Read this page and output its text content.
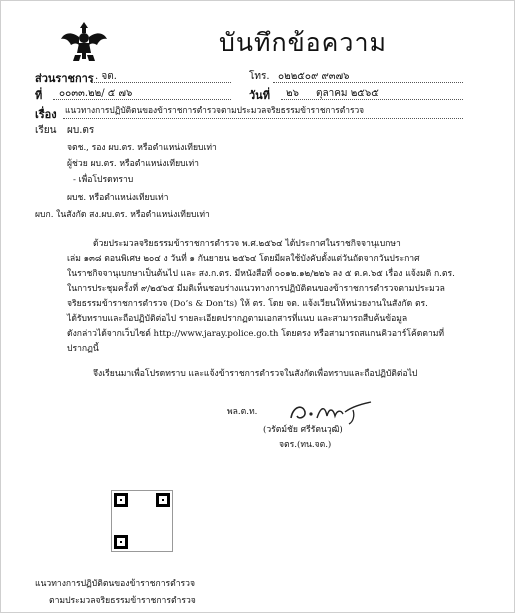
บันทึกข้อความ
ส่วนราชการ . จต.	โทร. ๐๒๒๕๐๙ ๙๓๗๖
ที่ ๐๐๓๓.๒๒/ ๕ ๗๖	วันที่ ๒๖ ตุลาคม ๒๕๖๕
เรื่อง แนวทางการปฏิบัติตนของข้าราชการตำรวจตามประมวลจริยธรรมข้าราชการตำรวจ
เรียน ผบ.ตร
จตช., รอง ผบ.ตร. หรือตำแหน่งเทียบเท่า
ผู้ช่วย ผบ.ตร. หรือตำแหน่งเทียบเท่า
- เพื่อโปรดทราบ
ผบช. หรือตำแหน่งเทียบเท่า
ผบก. ในสังกัด สง.ผบ.ตร. หรือตำแหน่งเทียบเท่า
ด้วยประมวลจริยธรรมข้าราชการตำรวจ พ.ศ.๒๕๖๔ ได้ประกาศในราชกิจจานุเบกษา
เล่ม ๑๓๘ ตอนพิเศษ ๒๐๔ ง วันที่ ๑ กันยายน ๒๕๖๔ โดยมีผลใช้บังคับตั้งแต่วันถัดจากวันประกาศ
ในราชกิจจานุเบกษาเป็นต้นไป และ สง.ก.ตร. มีหนังสือที่ ๐๐๑๒.๑๒/๒๒๖ ลง ๕ ต.ค.๖๕ เรื่อง แจ้งมติ ก.ตร.
ในการประชุมครั้งที่ ๙/๒๕๖๕ มีมติเห็นชอบร่างแนวทางการปฏิบัติตนของข้าราชการตำรวจตามประมวล
จริยธรรมข้าราชการตำรวจ (Do’s & Don’ts) ให้ ตร. โดย จต. แจ้งเวียนให้หน่วยงานในสังกัด ตร.
ได้รับทราบและถือปฏิบัติต่อไป รายละเอียดปรากฏตามเอกสารที่แนบ และสามารถสืบค้นข้อมูล
ดังกล่าวได้จากเว็บไซต์ http://www.jaray.police.go.th โดยตรง หรือสามารถสแกนคิวอาร์โค้ดตามที่
ปรากฏนี้
จึงเรียนมาเพื่อโปรดทราบ และแจ้งข้าราชการตำรวจในสังกัดเพื่อทราบและถือปฏิบัติต่อไป
พล.ต.ท.
(วรัตม์ชัย ศรีรัตนวุฒิ)
จตร.(ทน.จต.)
แนวทางการปฏิบัติตนของข้าราชการตำรวจ
ตามประมวลจริยธรรมข้าราชการตำรวจ
